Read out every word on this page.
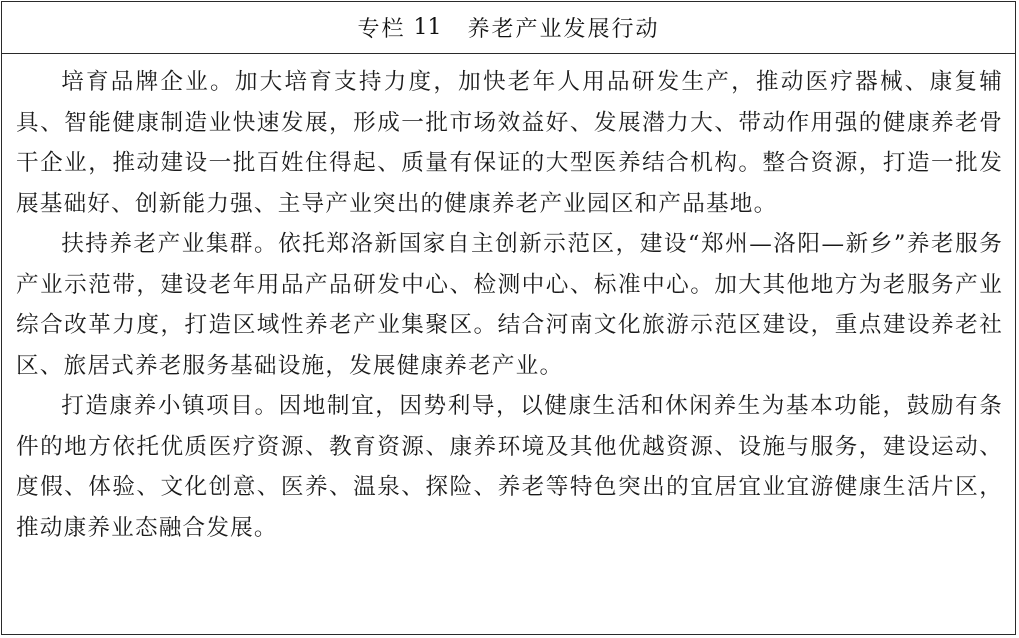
专栏 11 养老产业发展行动

培育品牌企业。加大培育支持力度，加快老年人用品研发生产，推动医疗器械、康复辅具、智能健康制造业快速发展，形成一批市场效益好、发展潜力大、带动作用强的健康养老骨干企业，推动建设一批百姓住得起、质量有保证的大型医养结合机构。整合资源，打造一批发展基础好、创新能力强、主导产业突出的健康养老产业园区和产品基地。

扶持养老产业集群。依托郑洛新国家自主创新示范区，建设“郑州—洛阳—新乡”养老服务产业示范带，建设老年用品产品研发中心、检测中心、标准中心。加大其他地方为老服务产业综合改革力度，打造区域性养老产业集聚区。结合河南文化旅游示范区建设，重点建设养老社区、旅居式养老服务基础设施，发展健康养老产业。

打造康养小镇项目。因地制宜，因势利导，以健康生活和休闲养生为基本功能，鼓励有条件的地方依托优质医疗资源、教育资源、康养环境及其他优越资源、设施与服务，建设运动、度假、体验、文化创意、医养、温泉、探险、养老等特色突出的宜居宜业宜游健康生活片区，推动康养业态融合发展。
